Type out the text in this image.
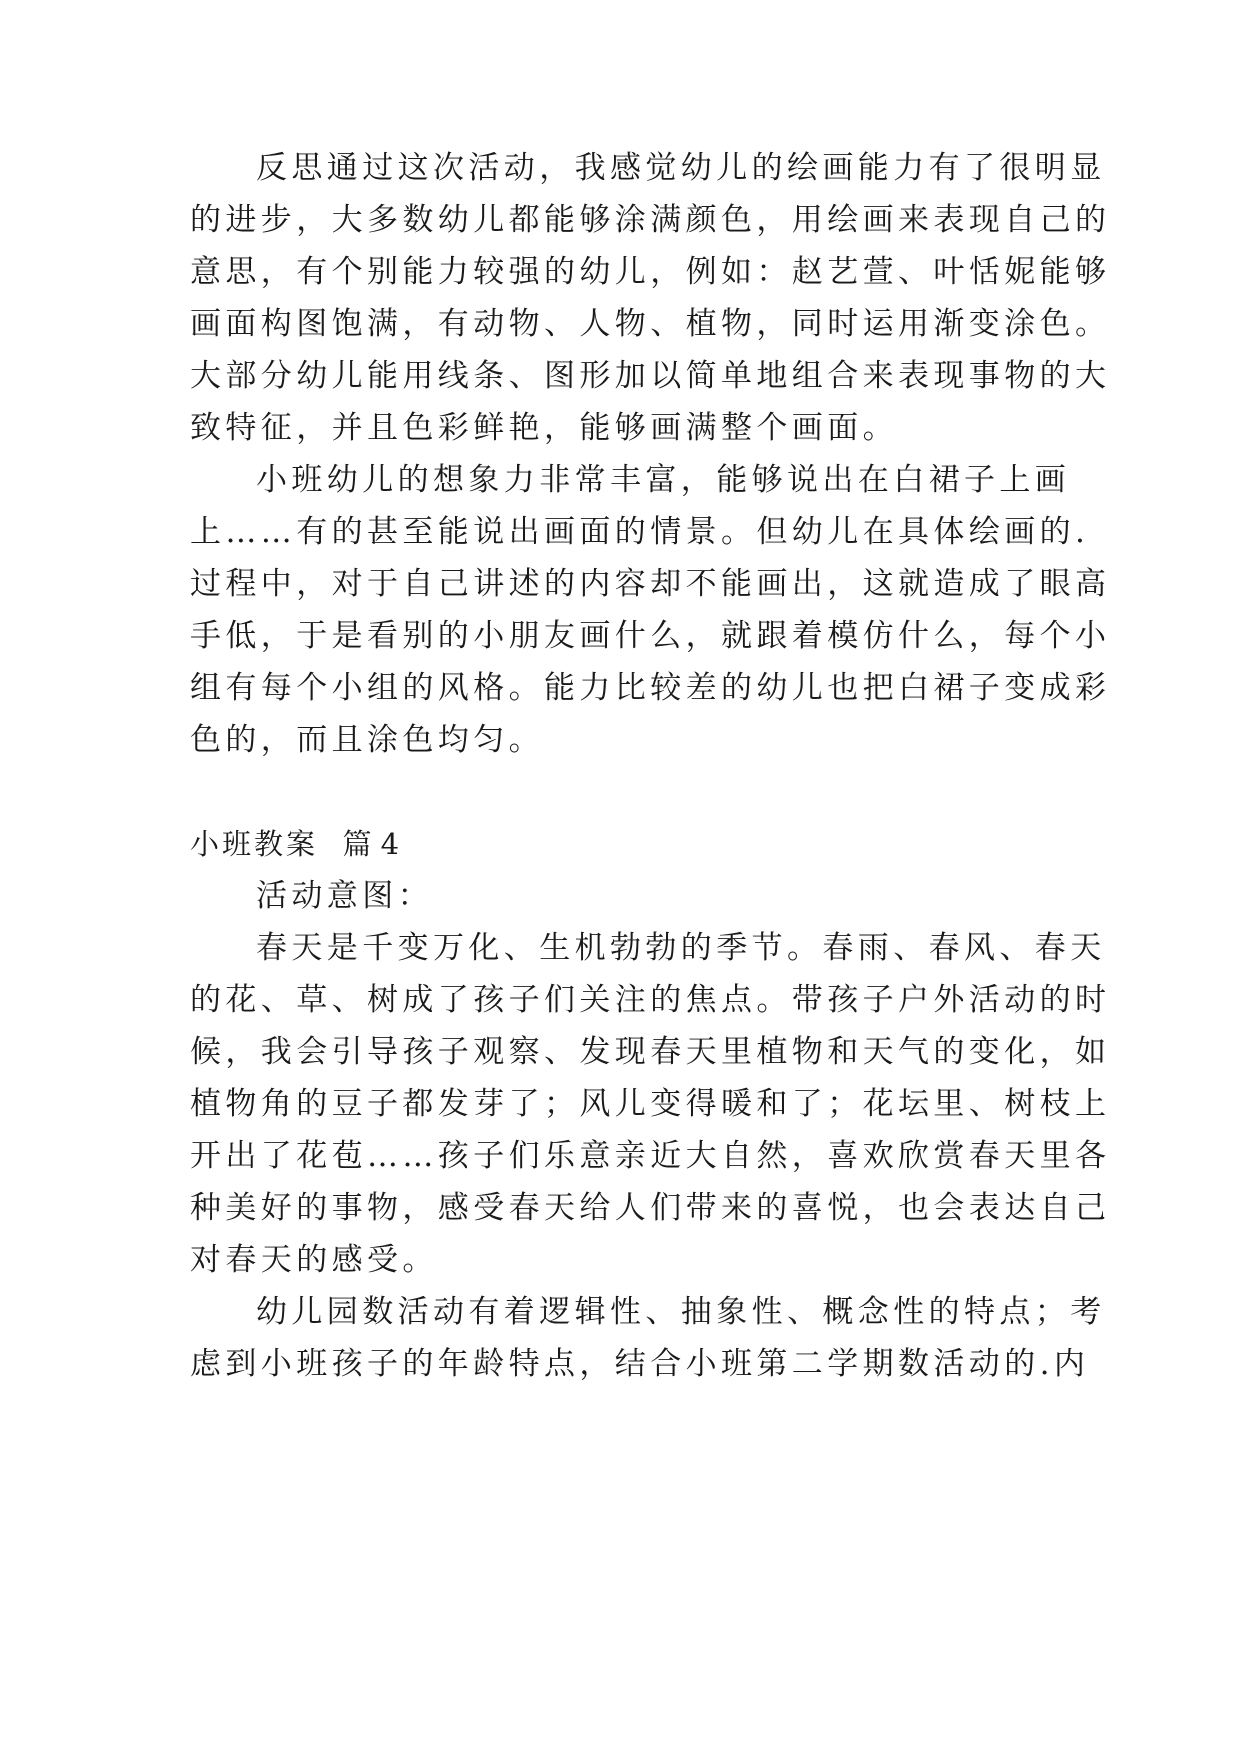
反思通过这次活动，我感觉幼儿的绘画能力有了很明显
的进步，大多数幼儿都能够涂满颜色，用绘画来表现自己的
意思，有个别能力较强的幼儿，例如：赵艺萱、叶恬妮能够
画面构图饱满，有动物、人物、植物，同时运用渐变涂色。
大部分幼儿能用线条、图形加以简单地组合来表现事物的大
致特征，并且色彩鲜艳，能够画满整个画面。
小班幼儿的想象力非常丰富，能够说出在白裙子上画
上……有的甚至能说出画面的情景。但幼儿在具体绘画的.
过程中，对于自己讲述的内容却不能画出，这就造成了眼高
手低，于是看别的小朋友画什么，就跟着模仿什么，每个小
组有每个小组的风格。能力比较差的幼儿也把白裙子变成彩
色的，而且涂色均匀。
小班教案 篇 4
活动意图：
春天是千变万化、生机勃勃的季节。春雨、春风、春天
的花、草、树成了孩子们关注的焦点。带孩子户外活动的时
候，我会引导孩子观察、发现春天里植物和天气的变化，如
植物角的豆子都发芽了；风儿变得暖和了；花坛里、树枝上
开出了花苞……孩子们乐意亲近大自然，喜欢欣赏春天里各
种美好的事物，感受春天给人们带来的喜悦，也会表达自己
对春天的感受。
幼儿园数活动有着逻辑性、抽象性、概念性的特点；考
虑到小班孩子的年龄特点，结合小班第二学期数活动的.内
